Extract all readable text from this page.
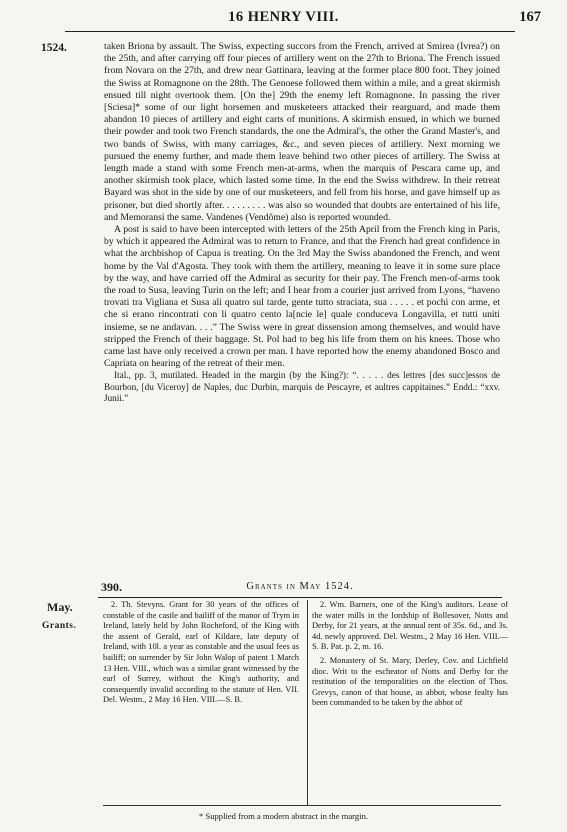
16 HENRY VIII.	167
1524.	taken Briona by assault. The Swiss, expecting succors from the French, arrived at Smirea (Ivrea?) on the 25th, and after carrying off four pieces of artillery went on the 27th to Briona. The French issued from Novara on the 27th, and drew near Gattinara, leaving at the former place 800 foot. They joined the Swiss at Romagnone on the 28th. The Genoese followed them within a mile, and a great skirmish ensued till night overtook them. [On the] 29th the enemy left Romagnone. In passing the river [Sciesa]* some of our light horsemen and musketeers attacked their rearguard, and made them abandon 10 pieces of artillery and eight carts of munitions. A skirmish ensued, in which we burned their powder and took two French standards, the one the Admiral's, the other the Grand Master's, and two bands of Swiss, with many carriages, &c., and seven pieces of artillery. Next morning we pursued the enemy further, and made them leave behind two other pieces of artillery. The Swiss at length made a stand with some French men-at-arms, when the marquis of Pescara came up, and another skirmish took place, which lasted some time. In the end the Swiss withdrew. In their retreat Bayard was shot in the side by one of our musketeers, and fell from his horse, and gave himself up as prisoner, but died shortly after. . . . . . . . . was also so wounded that doubts are entertained of his life, and Memoransi the same. Vandenes (Vendôme) also is reported wounded.

A post is said to have been intercepted with letters of the 25th April from the French king in Paris, by which it appeared the Admiral was to return to France, and that the French had great confidence in what the archbishop of Capua is treating. On the 3rd May the Swiss abandoned the French, and went home by the Val d'Agosta. They took with them the artillery, meaning to leave it in some sure place by the way, and have carried off the Admiral as security for their pay. The French men-of-arms took the road to Susa, leaving Turin on the left; and I hear from a courier just arrived from Lyons, “haveno trovati tra Vigliana et Susa ali quatro sul tarde, gente tutto straciata, sua . . . . . et pochi con arme, et che si erano rincontrati con li quatro cento la[ncie le] quale conduceva Longavilla, et tutti uniti insieme, se ne andavan. . . .” The Swiss were in great dissension among themselves, and would have stripped the French of their baggage. St. Pol had to beg his life from them on his knees. Those who came last have only received a crown per man. I have reported how the enemy abandoned Bosco and Capriata on hearing of the retreat of their men.

Ital., pp. 3, mutilated. Headed in the margin (by the King?): “. . . . . des lettres [des succ]essos de Bourbon, [du Viceroy] de Naples, duc Durbin, marquis de Pescayre, et aultres cappitaines.” Endd.: “xxv. Junii.”

390.	Grants in May 1524.
May.
Grants.

2. Th. Stevyns. Grant for 30 years of the offices of constable of the castle and bailiff of the manor of Trym in Ireland, lately held by John Rocheford, of the King with the assent of Gerald, earl of Kildare, late deputy of Ireland, with 10l. a year as constable and the usual fees as bailiff; on surrender by Sir John Walop of patent 1 March 13 Hen. VIII., which was a similar grant witnessed by the earl of Surrey, without the King's authority, and consequently invalid according to the statute of Hen. VII. Del. Westm., 2 May 16 Hen. VIII.—S. B.

2. Wm. Barners, one of the King's auditors. Lease of the water mills in the lordship of Bollesover, Notts and Derby, for 21 years, at the annual rent of 35s. 6d., and 3s. 4d. newly approved. Del. Westm., 2 May 16 Hen. VIII.—S. B. Pat. p. 2, m. 16.

2. Monastery of St. Mary, Derley, Cov. and Lichfield dioc. Writ to the escheator of Notts and Derby for the restitution of the temporalities on the election of Thos. Grevys, canon of that house, as abbot, whose fealty has been commanded to be taken by the abbot of

* Supplied from a modern abstract in the margin.
